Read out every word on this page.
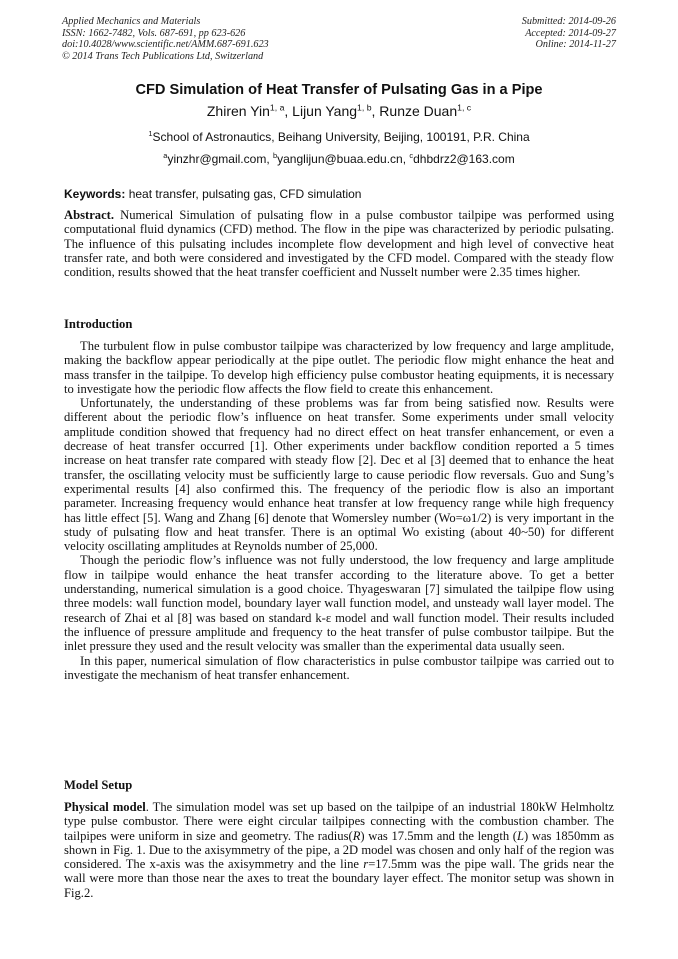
Applied Mechanics and Materials
ISSN: 1662-7482, Vols. 687-691, pp 623-626
doi:10.4028/www.scientific.net/AMM.687-691.623
© 2014 Trans Tech Publications Ltd, Switzerland
Submitted: 2014-09-26
Accepted: 2014-09-27
Online: 2014-11-27
CFD Simulation of Heat Transfer of Pulsating Gas in a Pipe
Zhiren Yin$^{1, a}$, Lijun Yang$^{1, b}$, Runze Duan$^{1, c}$
$^1$School of Astronautics, Beihang University, Beijing, 100191, P.R. China
$^a$yinzhr@gmail.com, $^b$yanglijun@buaa.edu.cn, $^c$dhbdrz2@163.com
Keywords: heat transfer, pulsating gas, CFD simulation

Abstract. Numerical Simulation of pulsating flow in a pulse combustor tailpipe was performed using computational fluid dynamics (CFD) method. The flow in the pipe was characterized by periodic pulsating. The influence of this pulsating includes incomplete flow development and high level of convective heat transfer rate, and both were considered and investigated by the CFD model. Compared with the steady flow condition, results showed that the heat transfer coefficient and Nusselt number were 2.35 times higher.

Introduction

The turbulent flow in pulse combustor tailpipe was characterized by low frequency and large amplitude, making the backflow appear periodically at the pipe outlet. The periodic flow might enhance the heat and mass transfer in the tailpipe. To develop high efficiency pulse combustor heating equipments, it is necessary to investigate how the periodic flow affects the flow field to create this enhancement.

Unfortunately, the understanding of these problems was far from being satisfied now. Results were different about the periodic flow’s influence on heat transfer. Some experiments under small velocity amplitude condition showed that frequency had no direct effect on heat transfer enhancement, or even a decrease of heat transfer occurred [1]. Other experiments under backflow condition reported a 5 times increase on heat transfer rate compared with steady flow [2]. Dec et al [3] deemed that to enhance the heat transfer, the oscillating velocity must be sufficiently large to cause periodic flow reversals. Guo and Sung’s experimental results [4] also confirmed this. The frequency of the periodic flow is also an important parameter. Increasing frequency would enhance heat transfer at low frequency range while high frequency has little effect [5]. Wang and Zhang [6] denote that Womersley number (Wo=ω1/2) is very important in the study of pulsating flow and heat transfer. There is an optimal Wo existing (about 40~50) for different velocity oscillating amplitudes at Reynolds number of 25,000.

Though the periodic flow’s influence was not fully understood, the low frequency and large amplitude flow in tailpipe would enhance the heat transfer according to the literature above. To get a better understanding, numerical simulation is a good choice. Thyageswaran [7] simulated the tailpipe flow using three models: wall function model, boundary layer wall function model, and unsteady wall layer model. The research of Zhai et al [8] was based on standard k-ε model and wall function model. Their results included the influence of pressure amplitude and frequency to the heat transfer of pulse combustor tailpipe. But the inlet pressure they used and the result velocity was smaller than the experimental data usually seen.

In this paper, numerical simulation of flow characteristics in pulse combustor tailpipe was carried out to investigate the mechanism of heat transfer enhancement.

Model Setup

Physical model. The simulation model was set up based on the tailpipe of an industrial 180kW Helmholtz type pulse combustor. There were eight circular tailpipes connecting with the combustion chamber. The tailpipes were uniform in size and geometry. The radius(R) was 17.5mm and the length (L) was 1850mm as shown in Fig. 1. Due to the axisymmetry of the pipe, a 2D model was chosen and only half of the region was considered. The x-axis was the axisymmetry and the line r=17.5mm was the pipe wall. The grids near the wall were more than those near the axes to treat the boundary layer effect. The monitor setup was shown in Fig.2.
